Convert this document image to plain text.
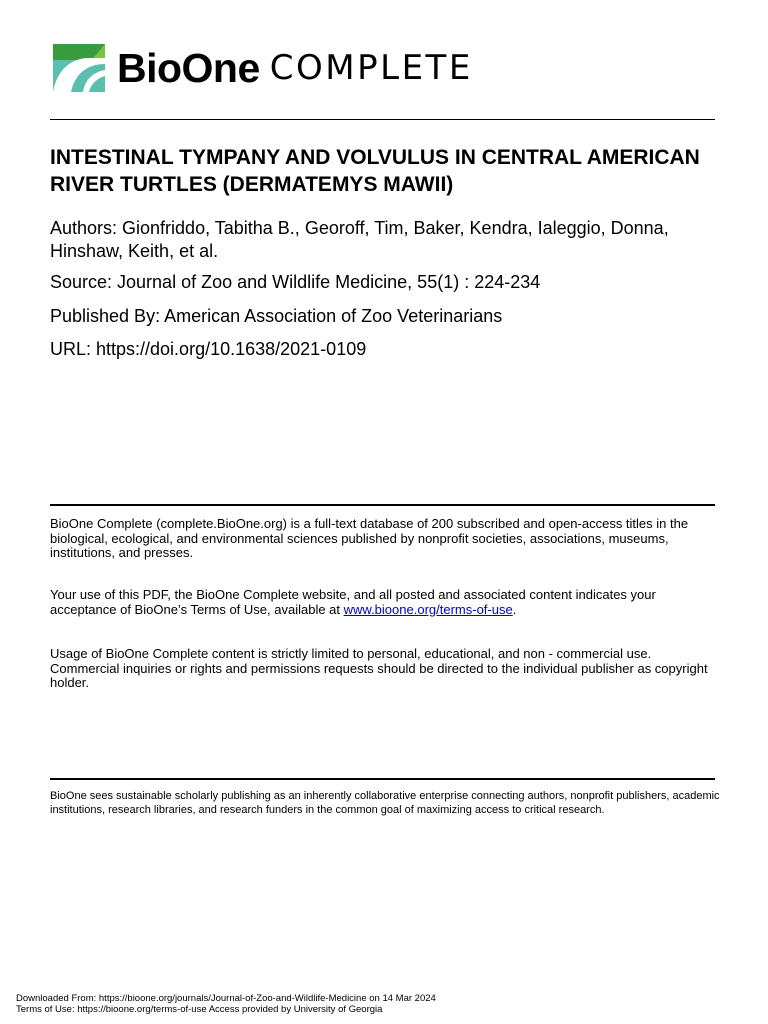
BioOne COMPLETE
INTESTINAL TYMPANY AND VOLVULUS IN CENTRAL AMERICAN RIVER TURTLES (DERMATEMYS MAWII)

Authors: Gionfriddo, Tabitha B., Georoff, Tim, Baker, Kendra, Ialeggio, Donna, Hinshaw, Keith, et al.

Source: Journal of Zoo and Wildlife Medicine, 55(1) : 224-234

Published By: American Association of Zoo Veterinarians

URL: https://doi.org/10.1638/2021-0109

BioOne Complete (complete.BioOne.org) is a full-text database of 200 subscribed and open-access titles in the biological, ecological, and environmental sciences published by nonprofit societies, associations, museums, institutions, and presses.

Your use of this PDF, the BioOne Complete website, and all posted and associated content indicates your acceptance of BioOne’s Terms of Use, available at www.bioone.org/terms-of-use.

Usage of BioOne Complete content is strictly limited to personal, educational, and non - commercial use. Commercial inquiries or rights and permissions requests should be directed to the individual publisher as copyright holder.

BioOne sees sustainable scholarly publishing as an inherently collaborative enterprise connecting authors, nonprofit publishers, academic institutions, research libraries, and research funders in the common goal of maximizing access to critical research.

Downloaded From: https://bioone.org/journals/Journal-of-Zoo-and-Wildlife-Medicine on 14 Mar 2024

Terms of Use: https://bioone.org/terms-of-use Access provided by University of Georgia
